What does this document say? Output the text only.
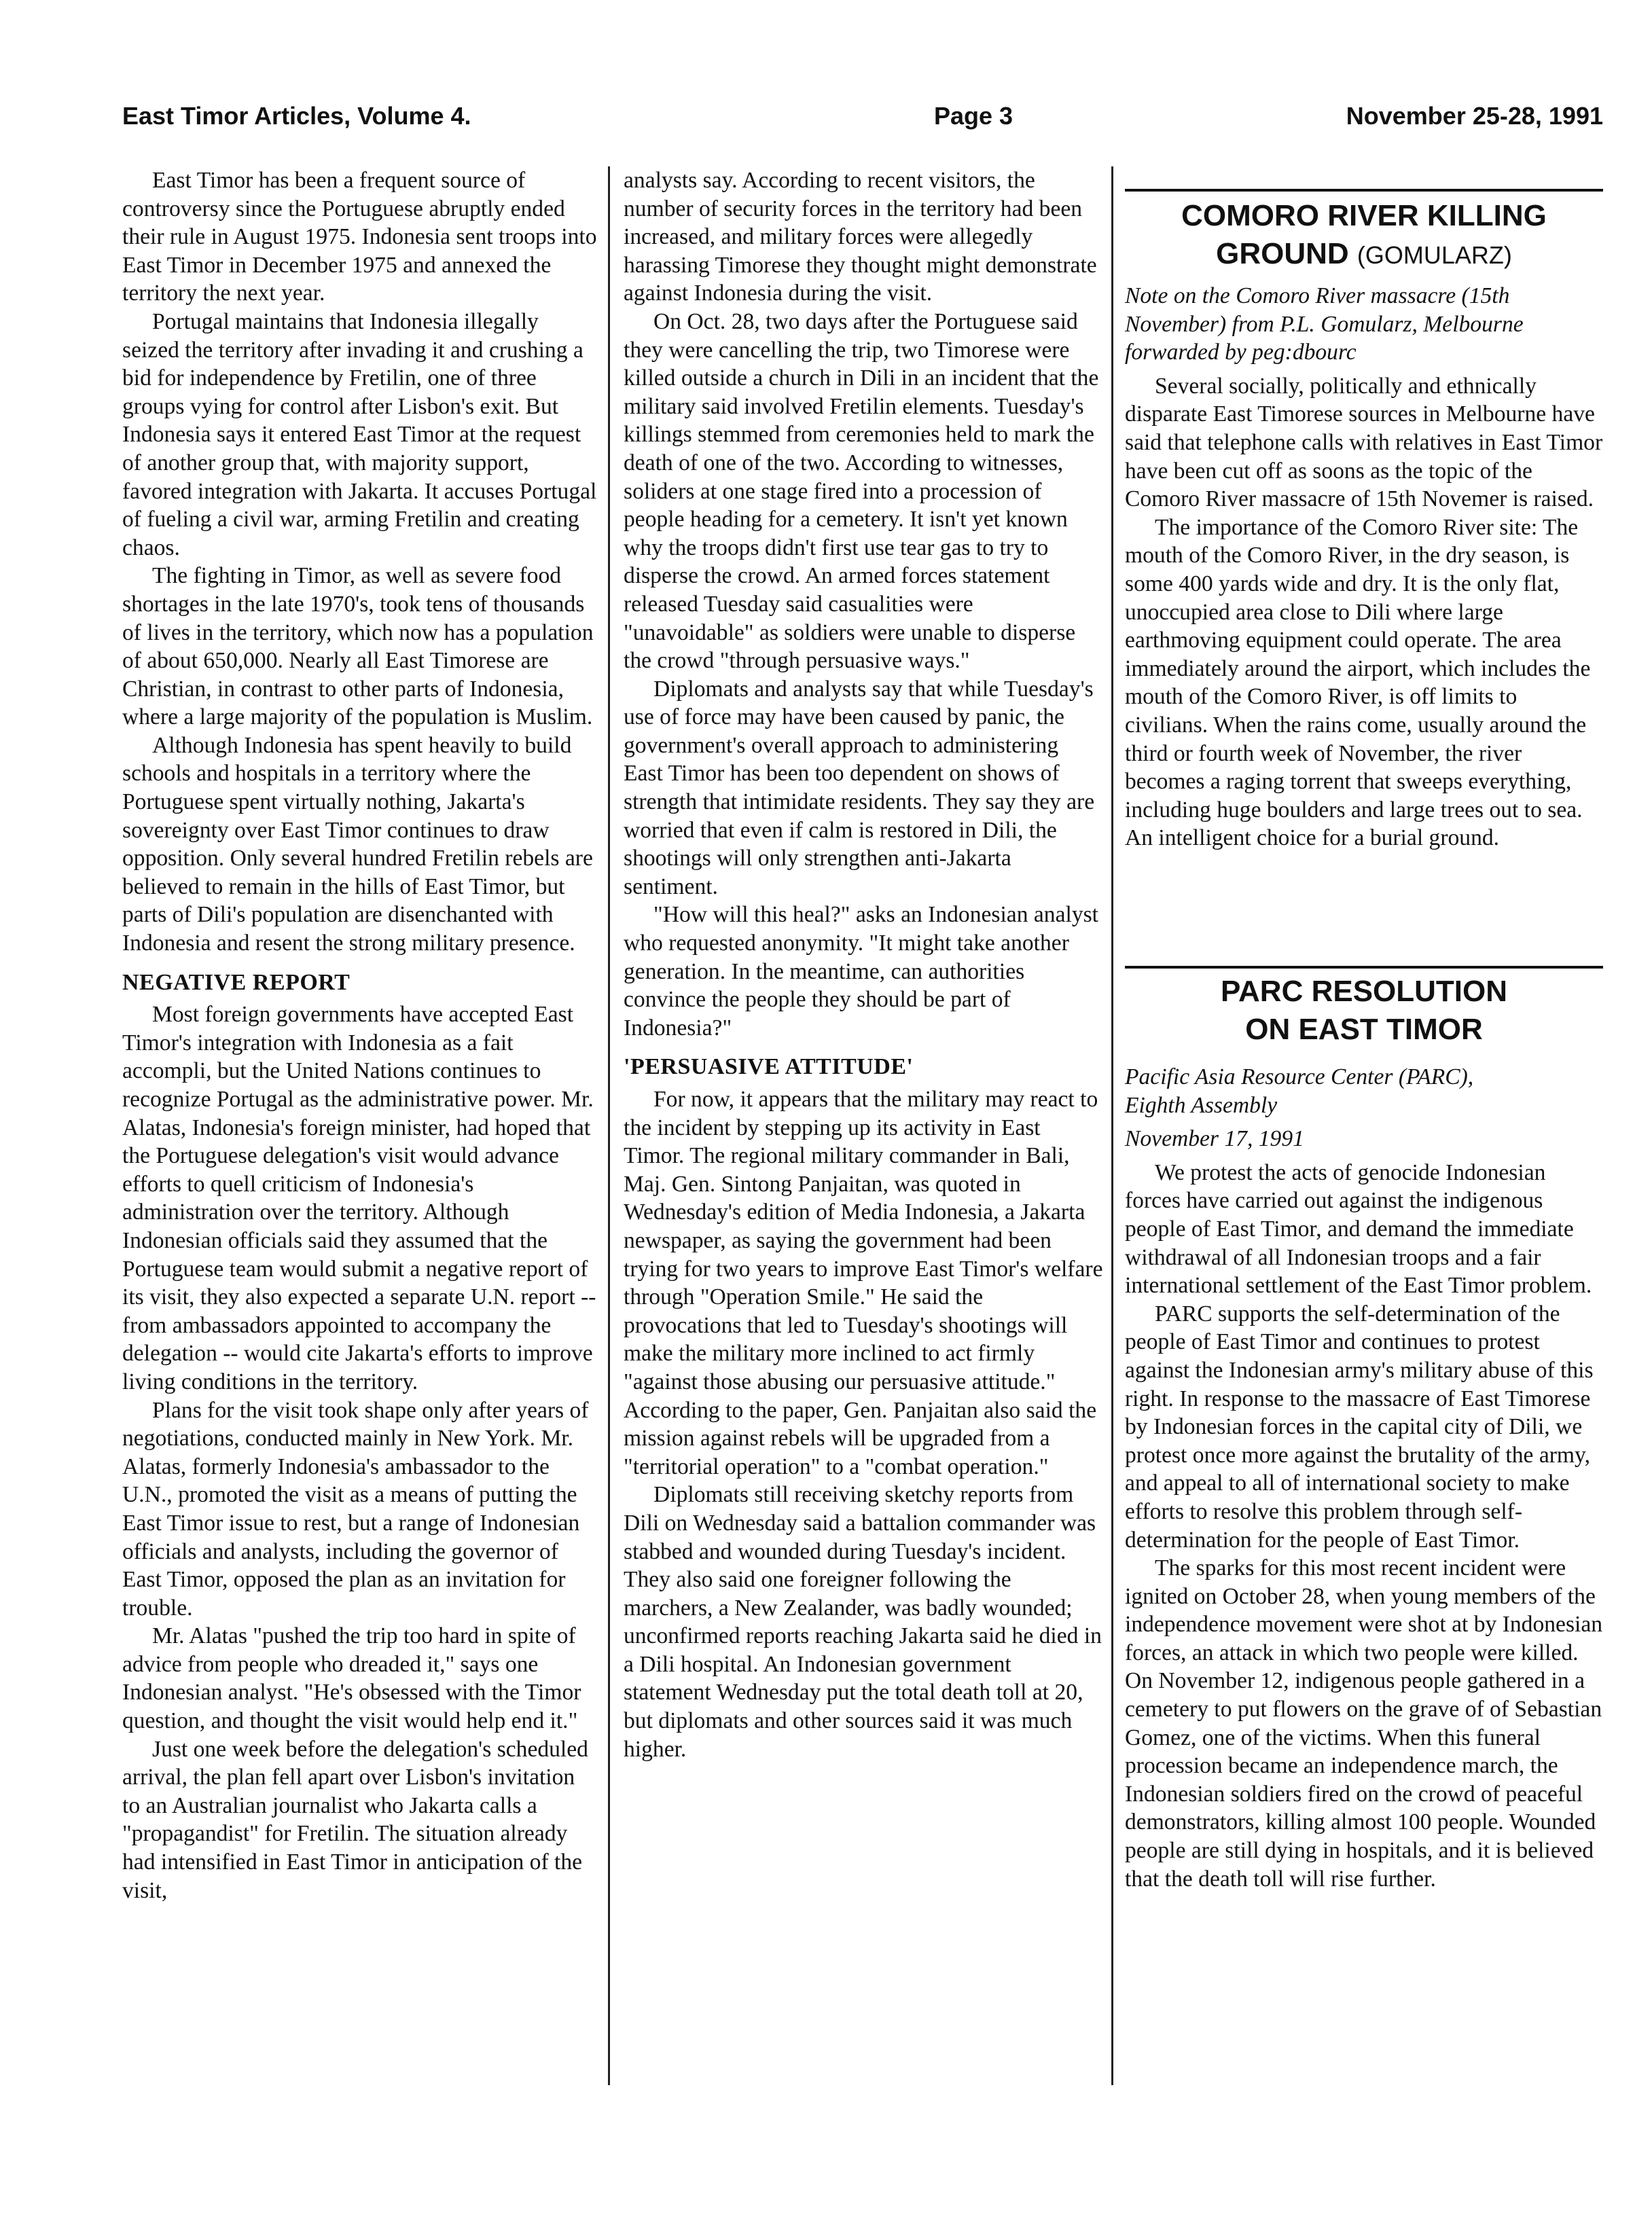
East Timor Articles, Volume 4.	Page 3	November 25-28, 1991

East Timor has been a frequent source of controversy since the Portuguese abruptly ended their rule in August 1975. Indonesia sent troops into East Timor in December 1975 and annexed the territory the next year.

Portugal maintains that Indonesia illegally seized the territory after invading it and crushing a bid for independence by Fretilin, one of three groups vying for control after Lisbon's exit. But Indonesia says it entered East Timor at the request of another group that, with majority support, favored integration with Jakarta. It accuses Portugal of fueling a civil war, arming Fretilin and creating chaos.

The fighting in Timor, as well as severe food shortages in the late 1970's, took tens of thousands of lives in the territory, which now has a population of about 650,000. Nearly all East Timorese are Christian, in contrast to other parts of Indonesia, where a large majority of the population is Muslim.

Although Indonesia has spent heavily to build schools and hospitals in a territory where the Portuguese spent virtually nothing, Jakarta's sovereignty over East Timor continues to draw opposition. Only several hundred Fretilin rebels are believed to remain in the hills of East Timor, but parts of Dili's population are disenchanted with Indonesia and resent the strong military presence.

NEGATIVE REPORT

Most foreign governments have accepted East Timor's integration with Indonesia as a fait accompli, but the United Nations continues to recognize Portugal as the administrative power. Mr. Alatas, Indonesia's foreign minister, had hoped that the Portuguese delegation's visit would advance efforts to quell criticism of Indonesia's administration over the territory. Although Indonesian officials said they assumed that the Portuguese team would submit a negative report of its visit, they also expected a separate U.N. report -- from ambassadors appointed to accompany the delegation -- would cite Jakarta's efforts to improve living conditions in the territory.

Plans for the visit took shape only after years of negotiations, conducted mainly in New York. Mr. Alatas, formerly Indonesia's ambassador to the U.N., promoted the visit as a means of putting the East Timor issue to rest, but a range of Indonesian officials and analysts, including the governor of East Timor, opposed the plan as an invitation for trouble.

Mr. Alatas "pushed the trip too hard in spite of advice from people who dreaded it," says one Indonesian analyst. "He's obsessed with the Timor question, and thought the visit would help end it."

Just one week before the delegation's scheduled arrival, the plan fell apart over Lisbon's invitation to an Australian journalist who Jakarta calls a "propagandist" for Fretilin. The situation already had intensified in East Timor in anticipation of the visit,

analysts say. According to recent visitors, the number of security forces in the territory had been increased, and military forces were allegedly harassing Timorese they thought might demonstrate against Indonesia during the visit.

On Oct. 28, two days after the Portuguese said they were cancelling the trip, two Timorese were killed outside a church in Dili in an incident that the military said involved Fretilin elements. Tuesday's killings stemmed from ceremonies held to mark the death of one of the two. According to witnesses, soliders at one stage fired into a procession of people heading for a cemetery. It isn't yet known why the troops didn't first use tear gas to try to disperse the crowd. An armed forces statement released Tuesday said casualities were "unavoidable" as soldiers were unable to disperse the crowd "through persuasive ways."

Diplomats and analysts say that while Tuesday's use of force may have been caused by panic, the government's overall approach to administering East Timor has been too dependent on shows of strength that intimidate residents. They say they are worried that even if calm is restored in Dili, the shootings will only strengthen anti-Jakarta sentiment.

"How will this heal?" asks an Indonesian analyst who requested anonymity. "It might take another generation. In the meantime, can authorities convince the people they should be part of Indonesia?"

'PERSUASIVE ATTITUDE'

For now, it appears that the military may react to the incident by stepping up its activity in East Timor. The regional military commander in Bali, Maj. Gen. Sintong Panjaitan, was quoted in Wednesday's edition of Media Indonesia, a Jakarta newspaper, as saying the government had been trying for two years to improve East Timor's welfare through "Operation Smile." He said the provocations that led to Tuesday's shootings will make the military more inclined to act firmly "against those abusing our persuasive attitude." According to the paper, Gen. Panjaitan also said the mission against rebels will be upgraded from a "territorial operation" to a "combat operation."

Diplomats still receiving sketchy reports from Dili on Wednesday said a battalion commander was stabbed and wounded during Tuesday's incident. They also said one foreigner following the marchers, a New Zealander, was badly wounded; unconfirmed reports reaching Jakarta said he died in a Dili hospital. An Indonesian government statement Wednesday put the total death toll at 20, but diplomats and other sources said it was much higher.

COMORO RIVER KILLING
GROUND (GOMULARZ)

Note on the Comoro River massacre (15th November) from P.L. Gomularz, Melbourne forwarded by peg:dbourc

Several socially, politically and ethnically disparate East Timorese sources in Melbourne have said that telephone calls with relatives in East Timor have been cut off as soons as the topic of the Comoro River massacre of 15th Novemer is raised.

The importance of the Comoro River site: The mouth of the Comoro River, in the dry season, is some 400 yards wide and dry. It is the only flat, unoccupied area close to Dili where large earthmoving equipment could operate. The area immediately around the airport, which includes the mouth of the Comoro River, is off limits to civilians. When the rains come, usually around the third or fourth week of November, the river becomes a raging torrent that sweeps everything, including huge boulders and large trees out to sea. An intelligent choice for a burial ground.

PARC RESOLUTION
ON EAST TIMOR

Pacific Asia Resource Center (PARC),

Eighth Assembly

November 17, 1991

We protest the acts of genocide Indonesian forces have carried out against the indigenous people of East Timor, and demand the immediate withdrawal of all Indonesian troops and a fair international settlement of the East Timor problem.

PARC supports the self-determination of the people of East Timor and continues to protest against the Indonesian army's military abuse of this right. In response to the massacre of East Timorese by Indonesian forces in the capital city of Dili, we protest once more against the brutality of the army, and appeal to all of international society to make efforts to resolve this problem through self-determination for the people of East Timor.

The sparks for this most recent incident were ignited on October 28, when young members of the independence movement were shot at by Indonesian forces, an attack in which two people were killed. On November 12, indigenous people gathered in a cemetery to put flowers on the grave of of Sebastian Gomez, one of the victims. When this funeral procession became an independence march, the Indonesian soldiers fired on the crowd of peaceful demonstrators, killing almost 100 people. Wounded people are still dying in hospitals, and it is believed that the death toll will rise further.
